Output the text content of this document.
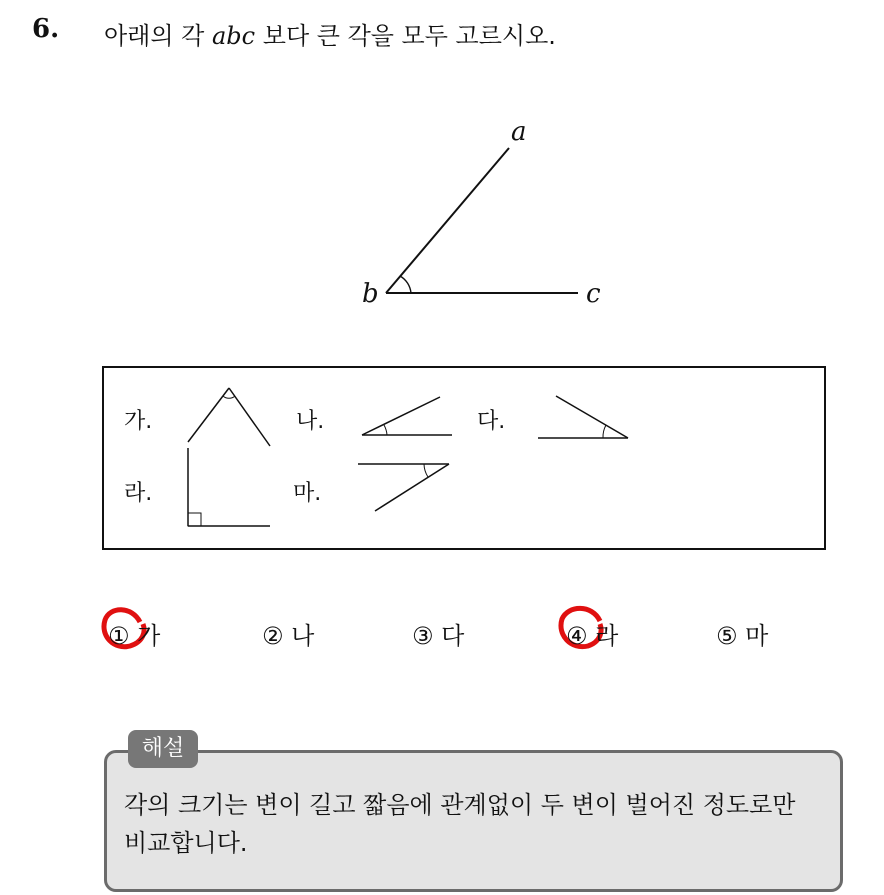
6. 아래의 각 abc 보다 큰 각을 모두 고르시오.
a
b	c
가.	나.	다.
라.	마.
① 가	② 나	③ 다	④ 라	⑤ 마
해설
각의 크기는 변이 길고 짧음에 관계없이 두 변이 벌어진 정도로만
비교합니다.
